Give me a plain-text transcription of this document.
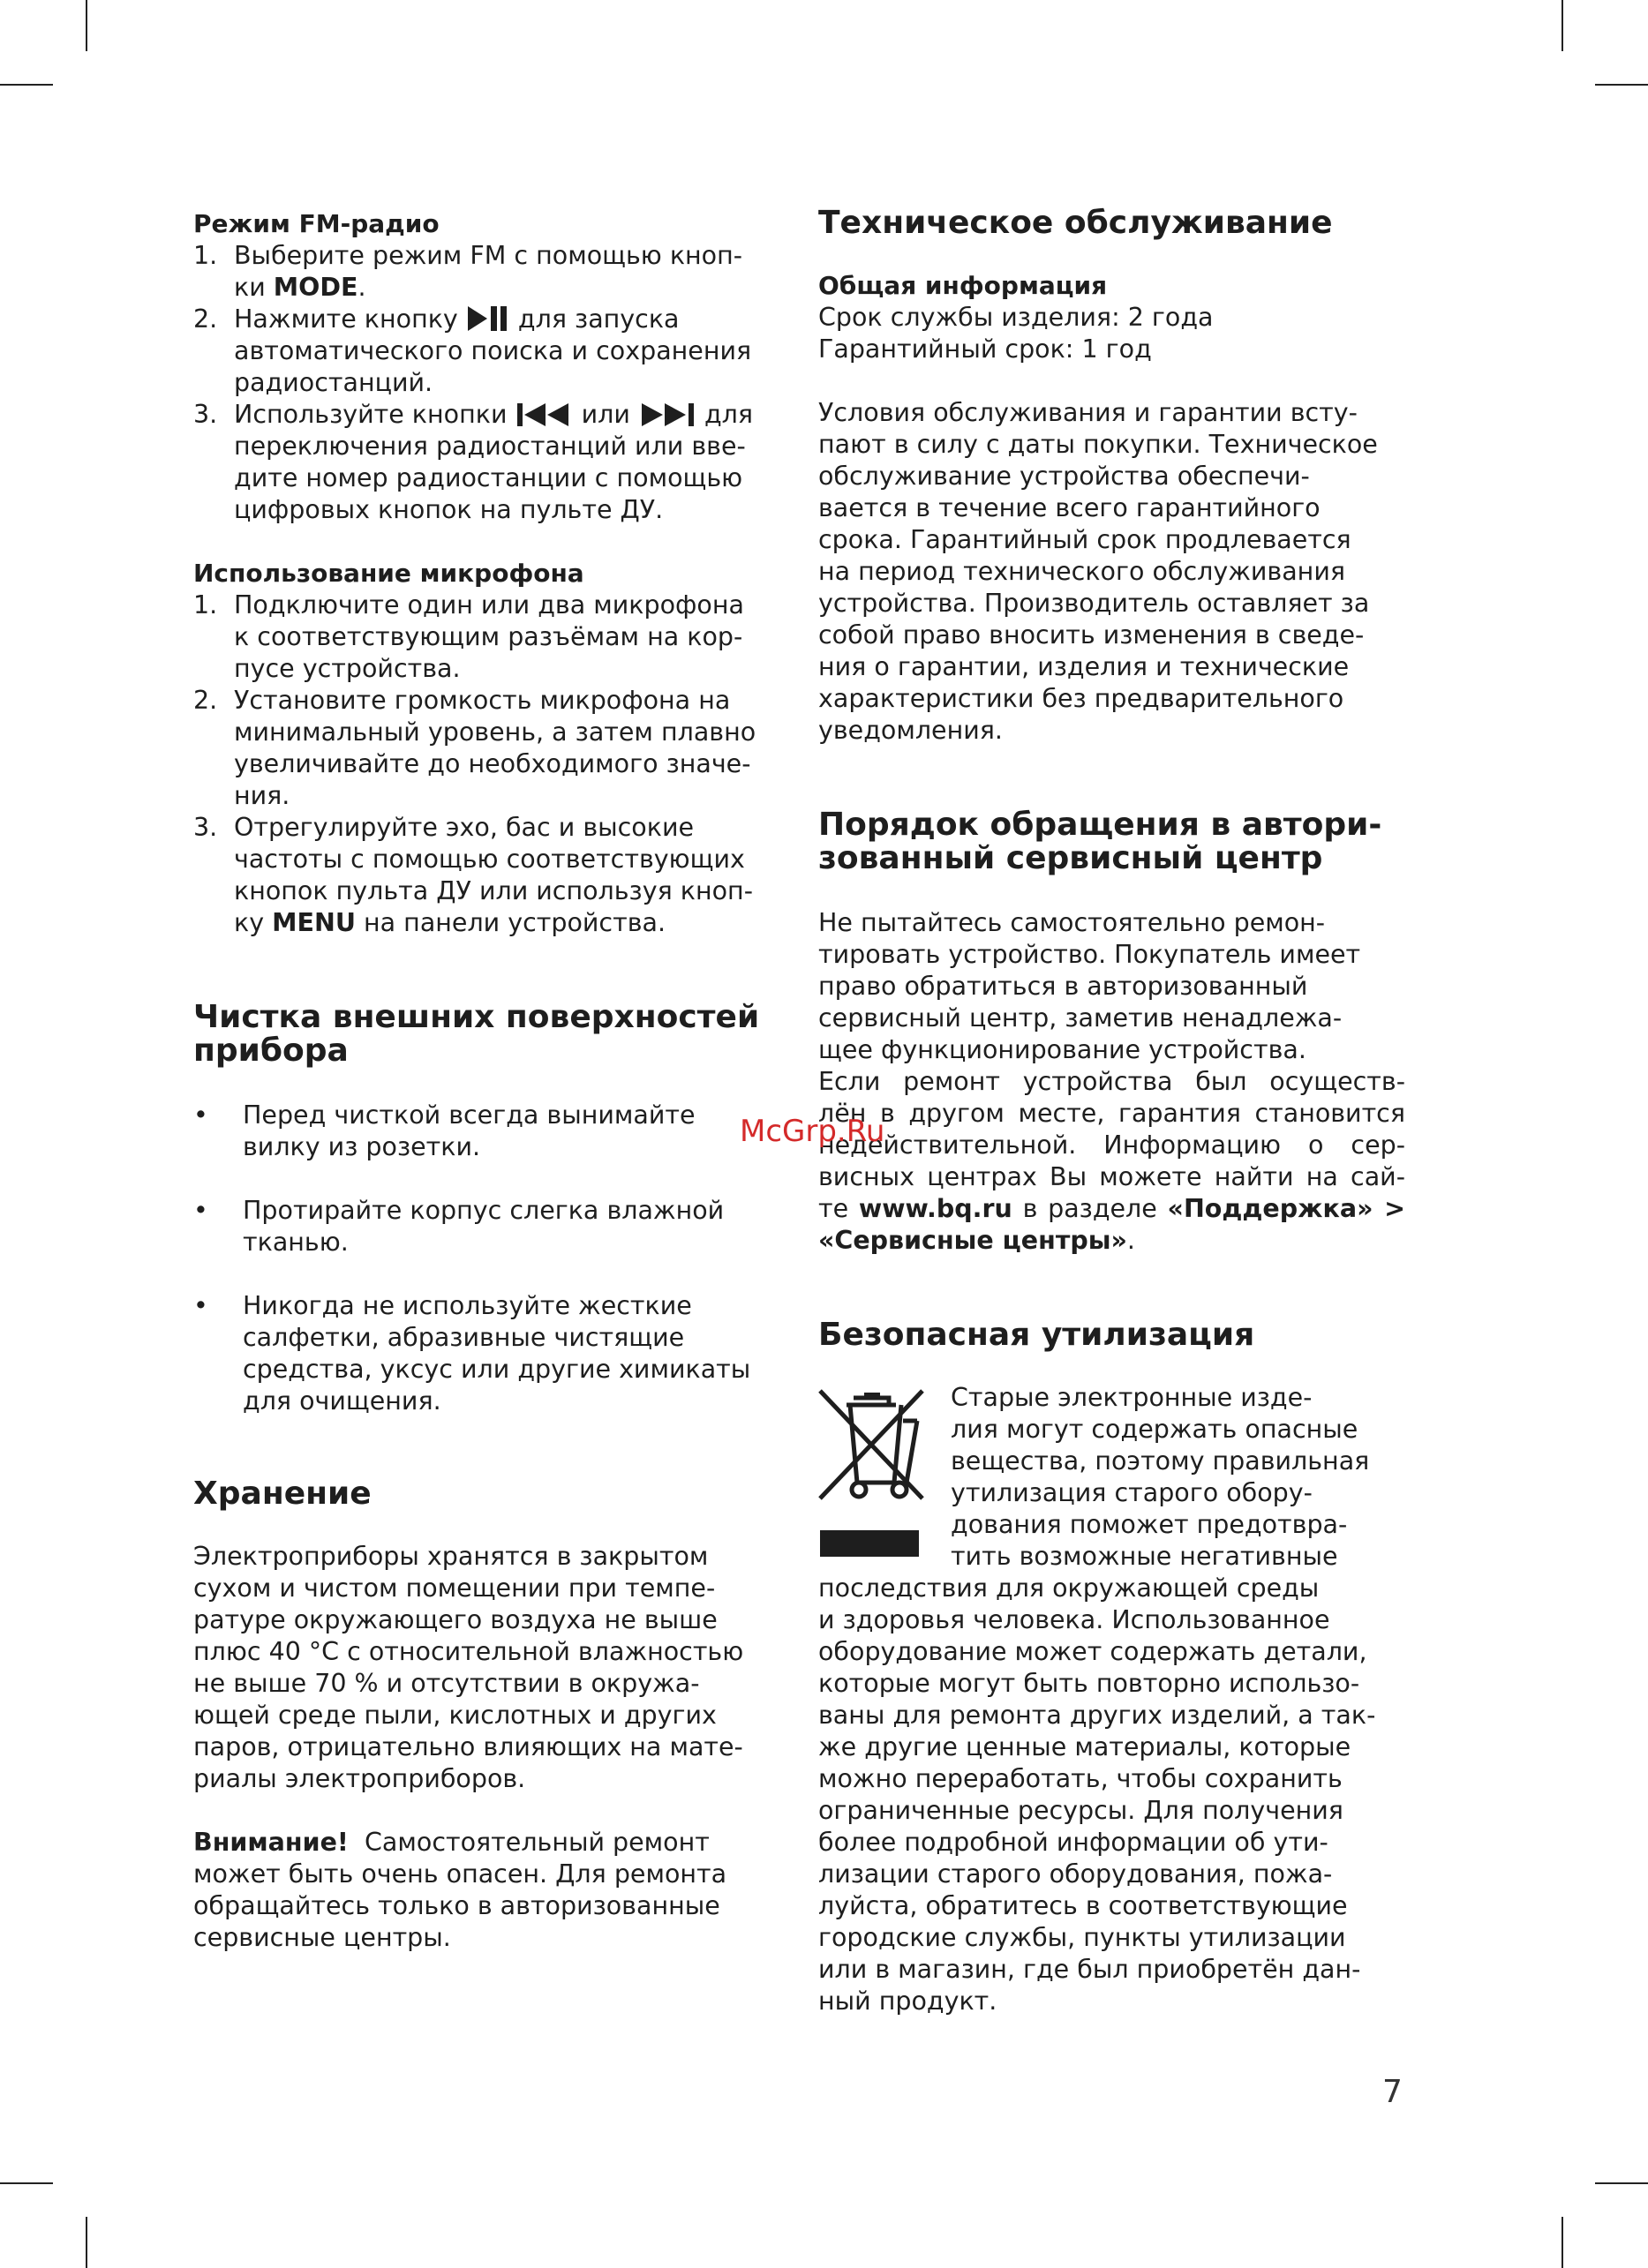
Режим FM-радио
1. Выберите режим FM с помощью кноп-
ки MODE.
2. Нажмите кнопку  для запуска
автоматического поиска и сохранения
радиостанций.
3. Используйте кнопки  или  для
переключения радиостанций или вве-
дите номер радиостанции с помощью
цифровых кнопок на пульте ДУ.
Использование микрофона
1. Подключите один или два микрофона
к соответствующим разъёмам на кор-
пусе устройства.
2. Установите громкость микрофона на
минимальный уровень, а затем плавно
увеличивайте до необходимого значе-
ния.
3. Отрегулируйте эхо, бас и высокие
частоты с помощью соответствующих
кнопок пульта ДУ или используя кноп-
ку MENU на панели устройства.
Чистка внешних поверхностей
прибора
• Перед чисткой всегда вынимайте
вилку из розетки.
• Протирайте корпус слегка влажной
тканью.
• Никогда не используйте жесткие
салфетки, абразивные чистящие
средства, уксус или другие химикаты
для очищения.
Хранение

Электроприборы хранятся в закрытом
сухом и чистом помещении при темпе-
ратуре окружающего воздуха не выше
плюс 40 °С с относительной влажностью
не выше 70 % и отсутствии в окружа-
ющей среде пыли, кислотных и других
паров, отрицательно влияющих на мате-
риалы электроприборов.

Внимание!  Самостоятельный ремонт
может быть очень опасен. Для ремонта
обращайтесь только в авторизованные
сервисные центры.

Техническое обслуживание
Общая информация

Срок службы изделия: 2 года
Гарантийный срок: 1 год

Условия обслуживания и гарантии всту-
пают в силу с даты покупки. Техническое
обслуживание устройства обеспечи-
вается в течение всего гарантийного
срока. Гарантийный срок продлевается
на период технического обслуживания
устройства. Производитель оставляет за
собой право вносить изменения в сведе-
ния о гарантии, изделия и технические
характеристики без предварительного
уведомления.

Порядок обращения в автори-
зованный сервисный центр

Не пытайтесь самостоятельно ремон-
тировать устройство. Покупатель имеет
право обратиться в авторизованный
сервисный центр, заметив ненадлежа-
щее функционирование устройства.

Если ремонт устройства был осуществ-
лён в другом месте, гарантия становится
недействительной. Информацию о сер-
висных центрах Вы можете найти на сай-
те www.bq.ru в разделе «Поддержка» >
«Сервисные центры».
Безопасная утилизация
Старые электронные изде-
лия могут содержать опасные
вещества, поэтому правильная
утилизация старого обору-
дования поможет предотвра-
тить возможные негативные
последствия для окружающей среды
и здоровья человека. Использованное
оборудование может содержать детали,
которые могут быть повторно использо-
ваны для ремонта других изделий, а так-
же другие ценные материалы, которые
можно переработать, чтобы сохранить
ограниченные ресурсы. Для получения
более подробной информации об ути-
лизации старого оборудования, пожа-
луйста, обратитесь в соответствующие
городские службы, пункты утилизации
или в магазин, где был приобретён дан-
ный продукт.
McGrp.Ru
7
